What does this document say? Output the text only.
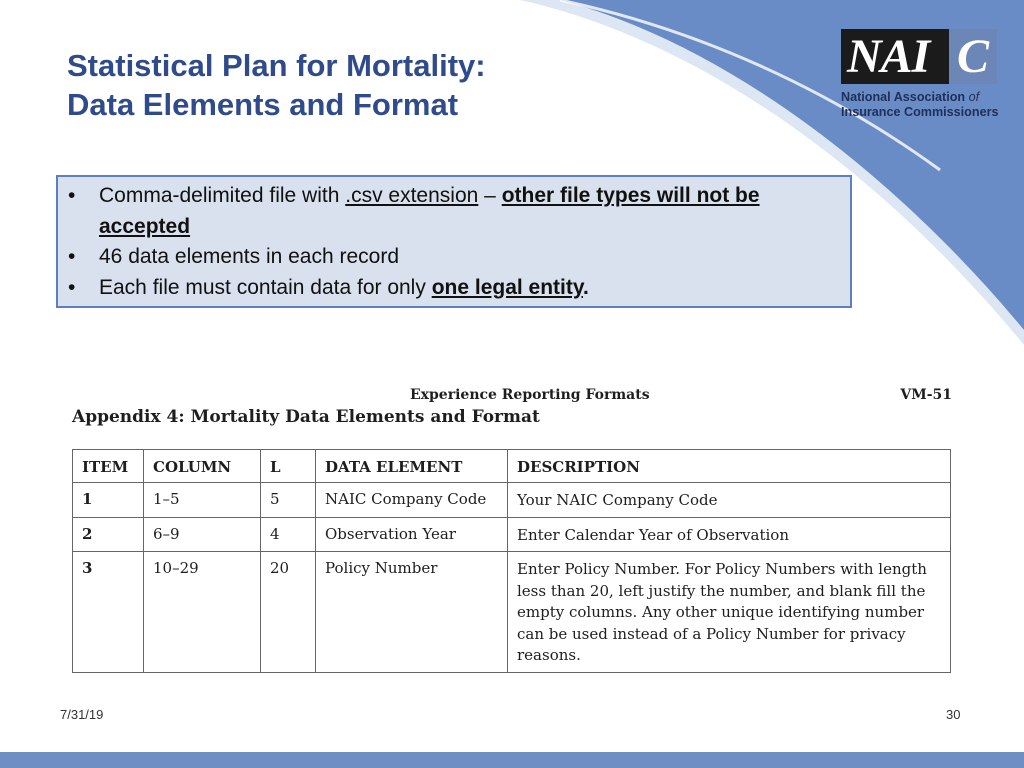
Statistical Plan for Mortality:
Data Elements and Format
NAI C
National Association of
Insurance Commissioners
• Comma-delimited file with .csv extension – other file types will not be accepted
• 46 data elements in each record
• Each file must contain data for only one legal entity.
Experience Reporting Formats	VM-51
Appendix 4: Mortality Data Elements and Format
ITEM	COLUMN	L	DATA ELEMENT	DESCRIPTION
1	1–5	5	NAIC Company Code	Your NAIC Company Code
2	6–9	4	Observation Year	Enter Calendar Year of Observation
3	10–29	20	Policy Number	Enter Policy Number. For Policy Numbers with length less than 20, left justify the number, and blank fill the empty columns. Any other unique identifying number can be used instead of a Policy Number for privacy reasons.
7/31/19	30
